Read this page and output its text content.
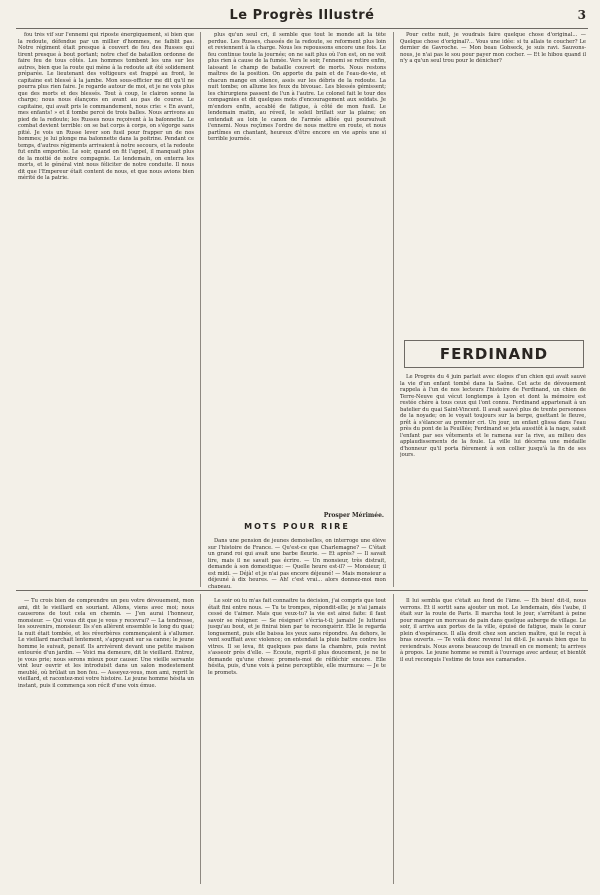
Le Progrès Illustré	3

fou très vif sur l'ennemi qui riposte énergiquement, si bien que la redoute, défendue par un millier d'hommes, ne faiblit pas. Notre régiment était presque à couvert de feu des Russes qui tirent presque à bout portant; notre chef de bataillon ordonne de faire feu de tous côtés. Les hommes tombent les uns sur les autres, bien que la route qui mène à la redoute ait été solidement préparée. Le lieutenant des voltigeurs est frappé au front, le capitaine est blessé à la jambe. Mon sous-officier me dit qu'il ne pourra plus rien faire. Je regarde autour de moi, et je ne vois plus que des morts et des blessés. Tout à coup, le clairon sonne la charge; nous nous élançons en avant au pas de course. Le capitaine, qui avait pris le commandement, nous crie: « En avant, mes enfants! » et il tombe percé de trois balles. Nous arrivons au pied de la redoute; les Russes nous reçoivent à la baïonnette. Le combat devient terrible: on se bat corps à corps, on s'égorge sans pitié. Je vois un Russe lever son fusil pour frapper un de nos hommes; je lui plonge ma baïonnette dans la poitrine. Pendant ce temps, d'autres régiments arrivaient à notre secours, et la redoute fut enfin emportée. Le soir, quand on fit l'appel, il manquait plus de la moitié de notre compagnie. Le lendemain, on enterra les morts, et le général vint nous féliciter de notre conduite. Il nous dit que l'Empereur était content de nous, et que nous avions bien mérité de la patrie.

plus qu'un seul cri, il semble que tout le monde ait la tête perdue. Les Russes, chassés de la redoute, se reforment plus loin et reviennent à la charge. Nous les repoussons encore une fois. Le feu continue toute la journée; on ne sait plus où l'on est, on ne voit plus rien à cause de la fumée. Vers le soir, l'ennemi se retire enfin, laissant le champ de bataille couvert de morts. Nous restons maîtres de la position. On apporte du pain et de l'eau-de-vie, et chacun mange en silence, assis sur les débris de la redoute. La nuit tombe; on allume les feux du bivouac. Les blessés gémissent; les chirurgiens passent de l'un à l'autre. Le colonel fait le tour des compagnies et dit quelques mots d'encouragement aux soldats. Je m'endors enfin, accablé de fatigue, à côté de mon fusil. Le lendemain matin, au réveil, le soleil brillait sur la plaine; on entendait au loin le canon de l'armée alliée qui poursuivait l'ennemi. Nous reçûmes l'ordre de nous mettre en route, et nous partîmes en chantant, heureux d'être encore en vie après une si terrible journée.

Prosper Mérimée.
MOTS POUR RIRE

Dans une pension de jeunes demoiselles, on interroge une élève sur l'histoire de France. — Qu'est-ce que Charlemagne? — C'était un grand roi qui avait une barbe fleurie. — Et après? — Il savait lire, mais il ne savait pas écrire. — Un monsieur, très distrait, demande à son domestique: — Quelle heure est-il? — Monsieur, il est midi. — Déjà! et je n'ai pas encore déjeuné! — Mais monsieur a déjeuné à dix heures. — Ah! c'est vrai... alors donnez-moi mon chapeau.

Pour cette nuit, je voudrais faire quelque chose d'original... — Quelque chose d'original?... Vous une idée: si tu allais te coucher? Le dernier de Gavroche. — Mon beau Gobseck, je suis ravi. Sauvons-nous, je n'ai pas le sou pour payer mon cocher. — Et le hibou quand il n'y a qu'un seul trou pour le dénicher?

FERDINAND

Le Progrès du 4 juin parlait avec éloges d'un chien qui avait sauvé la vie d'un enfant tombé dans la Saône. Cet acte de dévouement rappela à l'un de nos lecteurs l'histoire de Ferdinand, un chien de Terre-Neuve qui vécut longtemps à Lyon et dont la mémoire est restée chère à tous ceux qui l'ont connu. Ferdinand appartenait à un batelier du quai Saint-Vincent. Il avait sauvé plus de trente personnes de la noyade; on le voyait toujours sur la berge, guettant le fleuve, prêt à s'élancer au premier cri. Un jour, un enfant glissa dans l'eau près du pont de la Feuillée; Ferdinand se jeta aussitôt à la nage, saisit l'enfant par ses vêtements et le ramena sur la rive, au milieu des applaudissements de la foule. La ville lui décerna une médaille d'honneur qu'il porta fièrement à son collier jusqu'à la fin de ses jours.

— Tu crois bien de comprendre un peu votre dévouement, mon ami, dit le vieillard en souriant. Allons, viens avec moi; nous causerons de tout cela en chemin. — J'en aurai l'honneur, monsieur. — Qui vous dit que je vous y recevrai? — La tendresse, les souvenirs, monsieur. Ils s'en allèrent ensemble le long du quai; la nuit était tombée, et les réverbères commençaient à s'allumer. Le vieillard marchait lentement, s'appuyant sur sa canne; le jeune homme le suivait, pensif. Ils arrivèrent devant une petite maison entourée d'un jardin. — Voici ma demeure, dit le vieillard. Entrez, je vous prie; nous serons mieux pour causer. Une vieille servante vint leur ouvrir et les introduisit dans un salon modestement meublé, où brûlait un bon feu. — Asseyez-vous, mon ami, reprit le vieillard, et racontez-moi votre histoire. Le jeune homme hésita un instant, puis il commença son récit d'une voix émue.

Le soir où tu m'as fait connaître ta décision, j'ai compris que tout était fini entre nous. — Tu te trompes, répondit-elle; je n'ai jamais cessé de t'aimer. Mais que veux-tu? la vie est ainsi faite: il faut savoir se résigner. — Se résigner! s'écria-t-il; jamais! Je lutterai jusqu'au bout, et je finirai bien par te reconquérir. Elle le regarda longuement, puis elle baissa les yeux sans répondre. Au dehors, le vent soufflait avec violence; on entendait la pluie battre contre les vitres. Il se leva, fit quelques pas dans la chambre, puis revint s'asseoir près d'elle. — Écoute, reprit-il plus doucement, je ne te demande qu'une chose: promets-moi de réfléchir encore. Elle hésita, puis, d'une voix à peine perceptible, elle murmura: — Je te le promets.

Il lui sembla que c'était au fond de l'âme. — Eh bien! dit-il, nous verrons. Et il sortit sans ajouter un mot. Le lendemain, dès l'aube, il était sur la route de Paris. Il marcha tout le jour, s'arrêtant à peine pour manger un morceau de pain dans quelque auberge de village. Le soir, il arriva aux portes de la ville, épuisé de fatigue, mais le cœur plein d'espérance. Il alla droit chez son ancien maître, qui le reçut à bras ouverts. — Te voilà donc revenu! lui dit-il. Je savais bien que tu reviendrais. Nous avons beaucoup de travail en ce moment; tu arrives à propos. Le jeune homme se remit à l'ouvrage avec ardeur, et bientôt il eut reconquis l'estime de tous ses camarades.
